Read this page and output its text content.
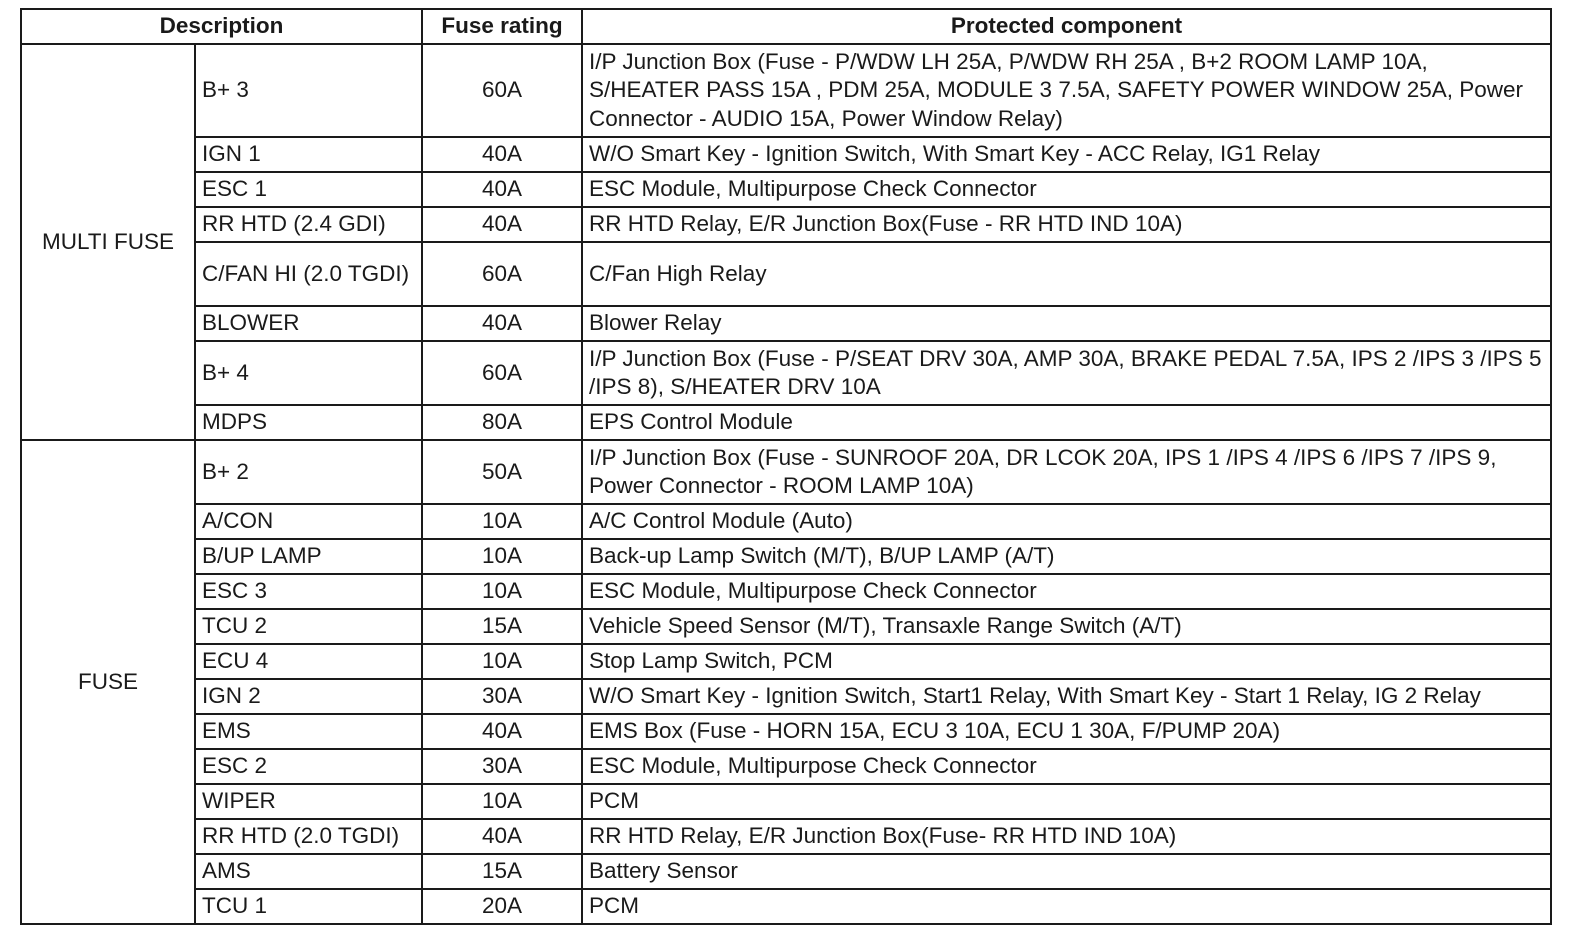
Description		Fuse rating	Protected component
MULTI FUSE	B+ 3	60A	I/P Junction Box (Fuse - P/WDW LH 25A, P/WDW RH 25A , B+2 ROOM LAMP 10A, S/HEATER PASS 15A , PDM 25A, MODULE 3 7.5A, SAFETY POWER WINDOW 25A, Power Connector - AUDIO 15A, Power Window Relay)
	IGN 1	40A	W/O Smart Key - Ignition Switch, With Smart Key - ACC Relay, IG1 Relay
	ESC 1	40A	ESC Module, Multipurpose Check Connector
	RR HTD (2.4 GDI)	40A	RR HTD Relay, E/R Junction Box(Fuse - RR HTD IND 10A)
	C/FAN HI (2.0 TGDI)	60A	C/Fan High Relay
	BLOWER	40A	Blower Relay
	B+ 4	60A	I/P Junction Box (Fuse - P/SEAT DRV 30A, AMP 30A, BRAKE PEDAL 7.5A, IPS 2 /IPS 3 /IPS 5 /IPS 8), S/HEATER DRV 10A
	MDPS	80A	EPS Control Module
FUSE	B+ 2	50A	I/P Junction Box (Fuse - SUNROOF 20A, DR LCOK 20A, IPS 1 /IPS 4 /IPS 6 /IPS 7 /IPS 9, Power Connector - ROOM LAMP 10A)
	A/CON	10A	A/C Control Module (Auto)
	B/UP LAMP	10A	Back-up Lamp Switch (M/T), B/UP LAMP (A/T)
	ESC 3	10A	ESC Module, Multipurpose Check Connector
	TCU 2	15A	Vehicle Speed Sensor (M/T), Transaxle Range Switch (A/T)
	ECU 4	10A	Stop Lamp Switch, PCM
	IGN 2	30A	W/O Smart Key - Ignition Switch, Start1 Relay, With Smart Key - Start 1 Relay, IG 2 Relay
	EMS	40A	EMS Box (Fuse - HORN 15A, ECU 3 10A, ECU 1 30A, F/PUMP 20A)
	ESC 2	30A	ESC Module, Multipurpose Check Connector
	WIPER	10A	PCM
	RR HTD (2.0 TGDI)	40A	RR HTD Relay, E/R Junction Box(Fuse- RR HTD IND 10A)
	AMS	15A	Battery Sensor
	TCU 1	20A	PCM
